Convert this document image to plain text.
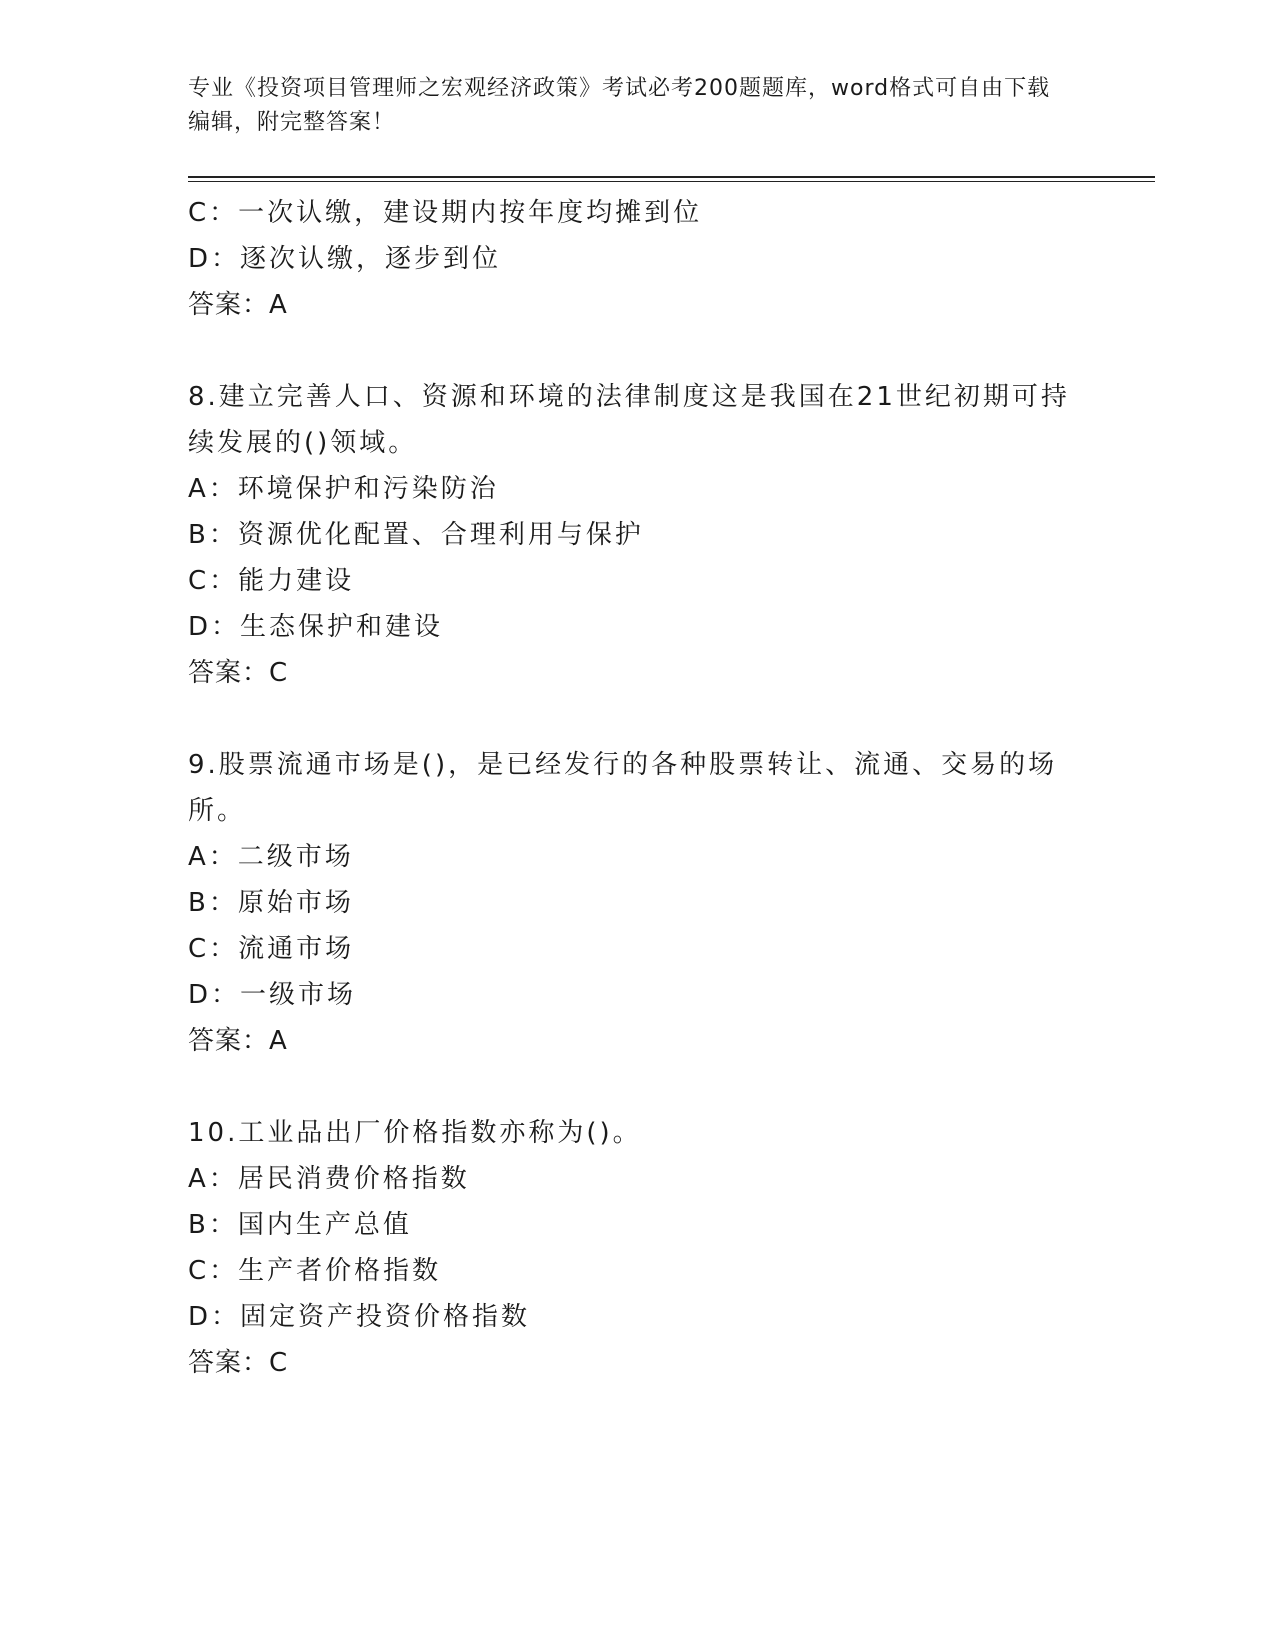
专业《投资项目管理师之宏观经济政策》考试必考200题题库，word格式可自由下载编辑，附完整答案！
C：一次认缴，建设期内按年度均摊到位
D：逐次认缴，逐步到位
答案：A
8.建立完善人口、资源和环境的法律制度这是我国在21世纪初期可持续发展的()领域。
A：环境保护和污染防治
B：资源优化配置、合理利用与保护
C：能力建设
D：生态保护和建设
答案：C
9.股票流通市场是()，是已经发行的各种股票转让、流通、交易的场所。
A：二级市场
B：原始市场
C：流通市场
D：一级市场
答案：A
10.工业品出厂价格指数亦称为()。
A：居民消费价格指数
B：国内生产总值
C：生产者价格指数
D：固定资产投资价格指数
答案：C
